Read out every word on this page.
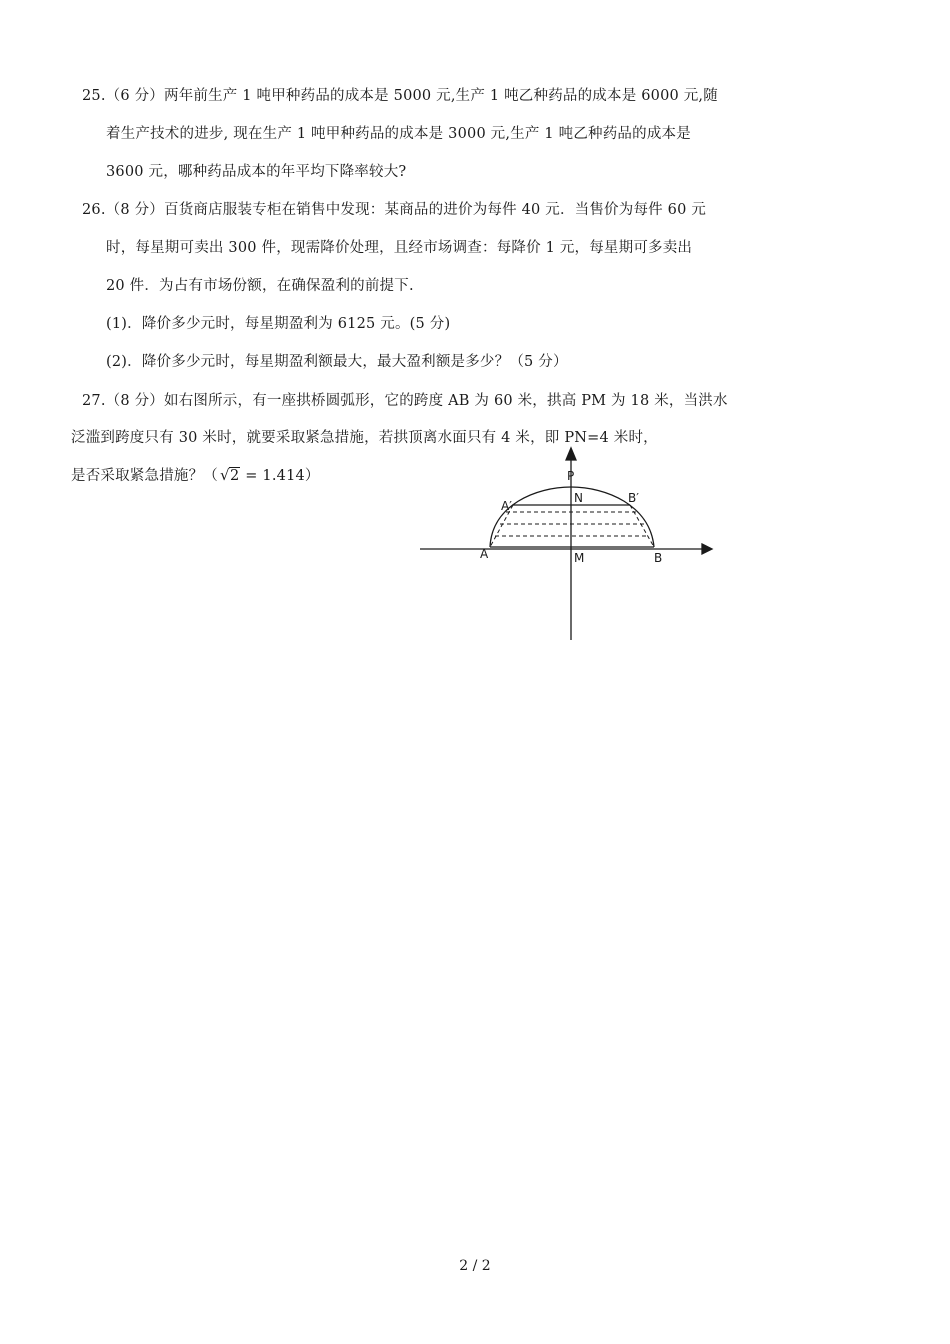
25.（6 分）两年前生产 1 吨甲种药品的成本是 5000 元,生产 1 吨乙种药品的成本是 6000 元,随
着生产技术的进步, 现在生产 1 吨甲种药品的成本是 3000 元,生产 1 吨乙种药品的成本是
3600 元，哪种药品成本的年平均下降率较大?
26.（8 分）百货商店服装专柜在销售中发现：某商品的进价为每件 40 元．当售价为每件 60 元
时，每星期可卖出 300 件，现需降价处理，且经市场调查：每降价 1 元，每星期可多卖出
20 件．为占有市场份额，在确保盈利的前提下.
(1)．降价多少元时，每星期盈利为 6125 元。(5 分)
(2)．降价多少元时，每星期盈利额最大，最大盈利额是多少？（5 分）
27.（8 分）如右图所示，有一座拱桥圆弧形，它的跨度 AB 为 60 米，拱高 PM 为 18 米，当洪水
泛滥到跨度只有 30 米时，就要采取紧急措施，若拱顶离水面只有 4 米，即 PN=4 米时，
是否采取紧急措施？（ √ 2 = 1.414）	P
N
A′
B′
A	M	B
2 / 2
